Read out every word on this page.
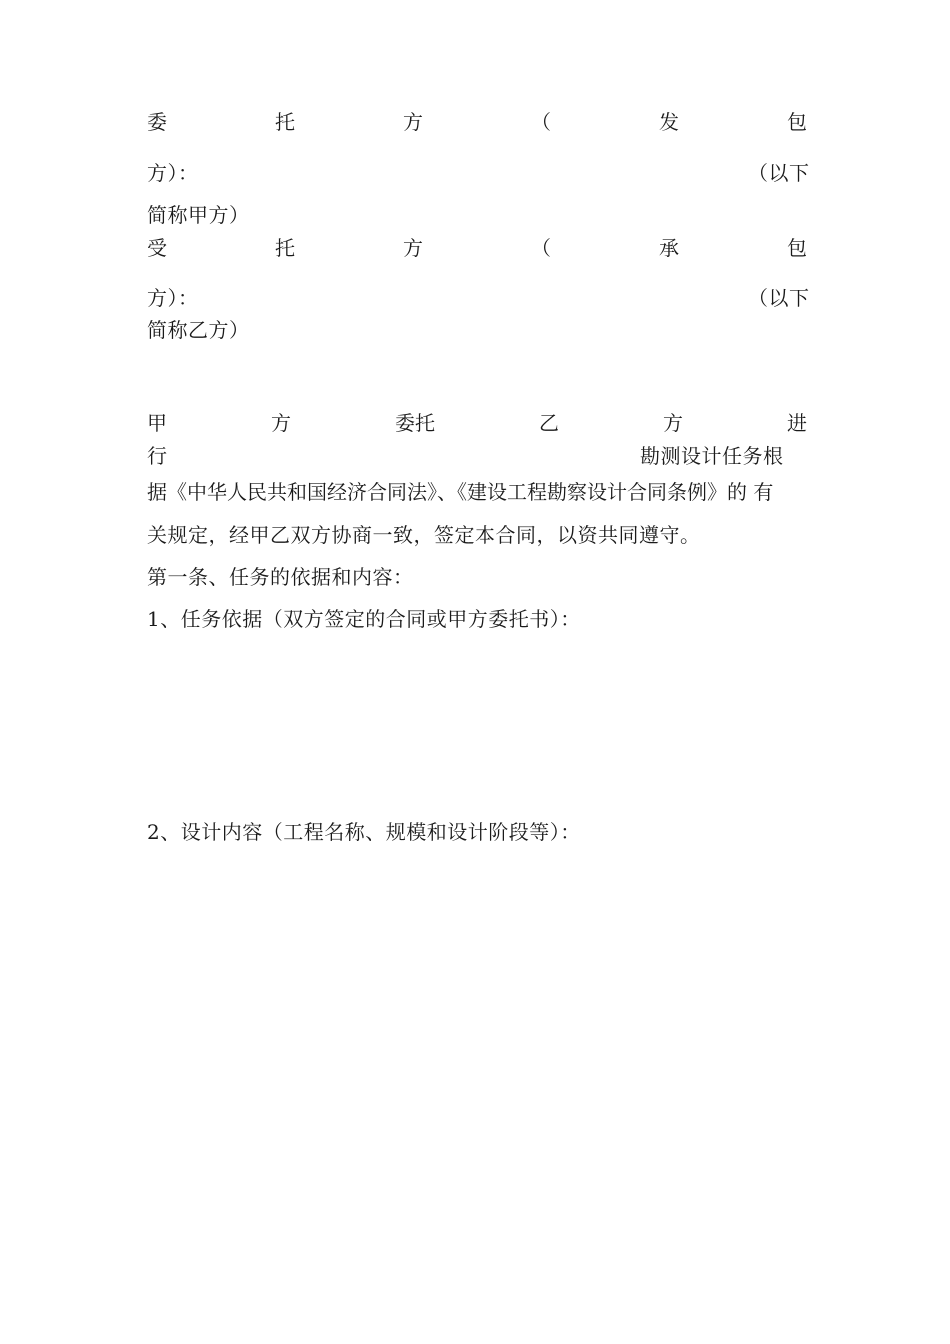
委	托	方	（	发	包
方）：	（以下
简称甲方）
受	托	方	（	承	包
方）：	（以下
简称乙方）
甲	方	委托	乙	方	进
行	勘测设计任务根
据《中华人民共和国经济合同法》、《建设工程勘察设计合同条例》的 有
关规定，经甲乙双方协商一致，签定本合同，以资共同遵守。
第一条、任务的依据和内容：
1、任务依据（双方签定的合同或甲方委托书）：
2、设计内容（工程名称、规模和设计阶段等）：
